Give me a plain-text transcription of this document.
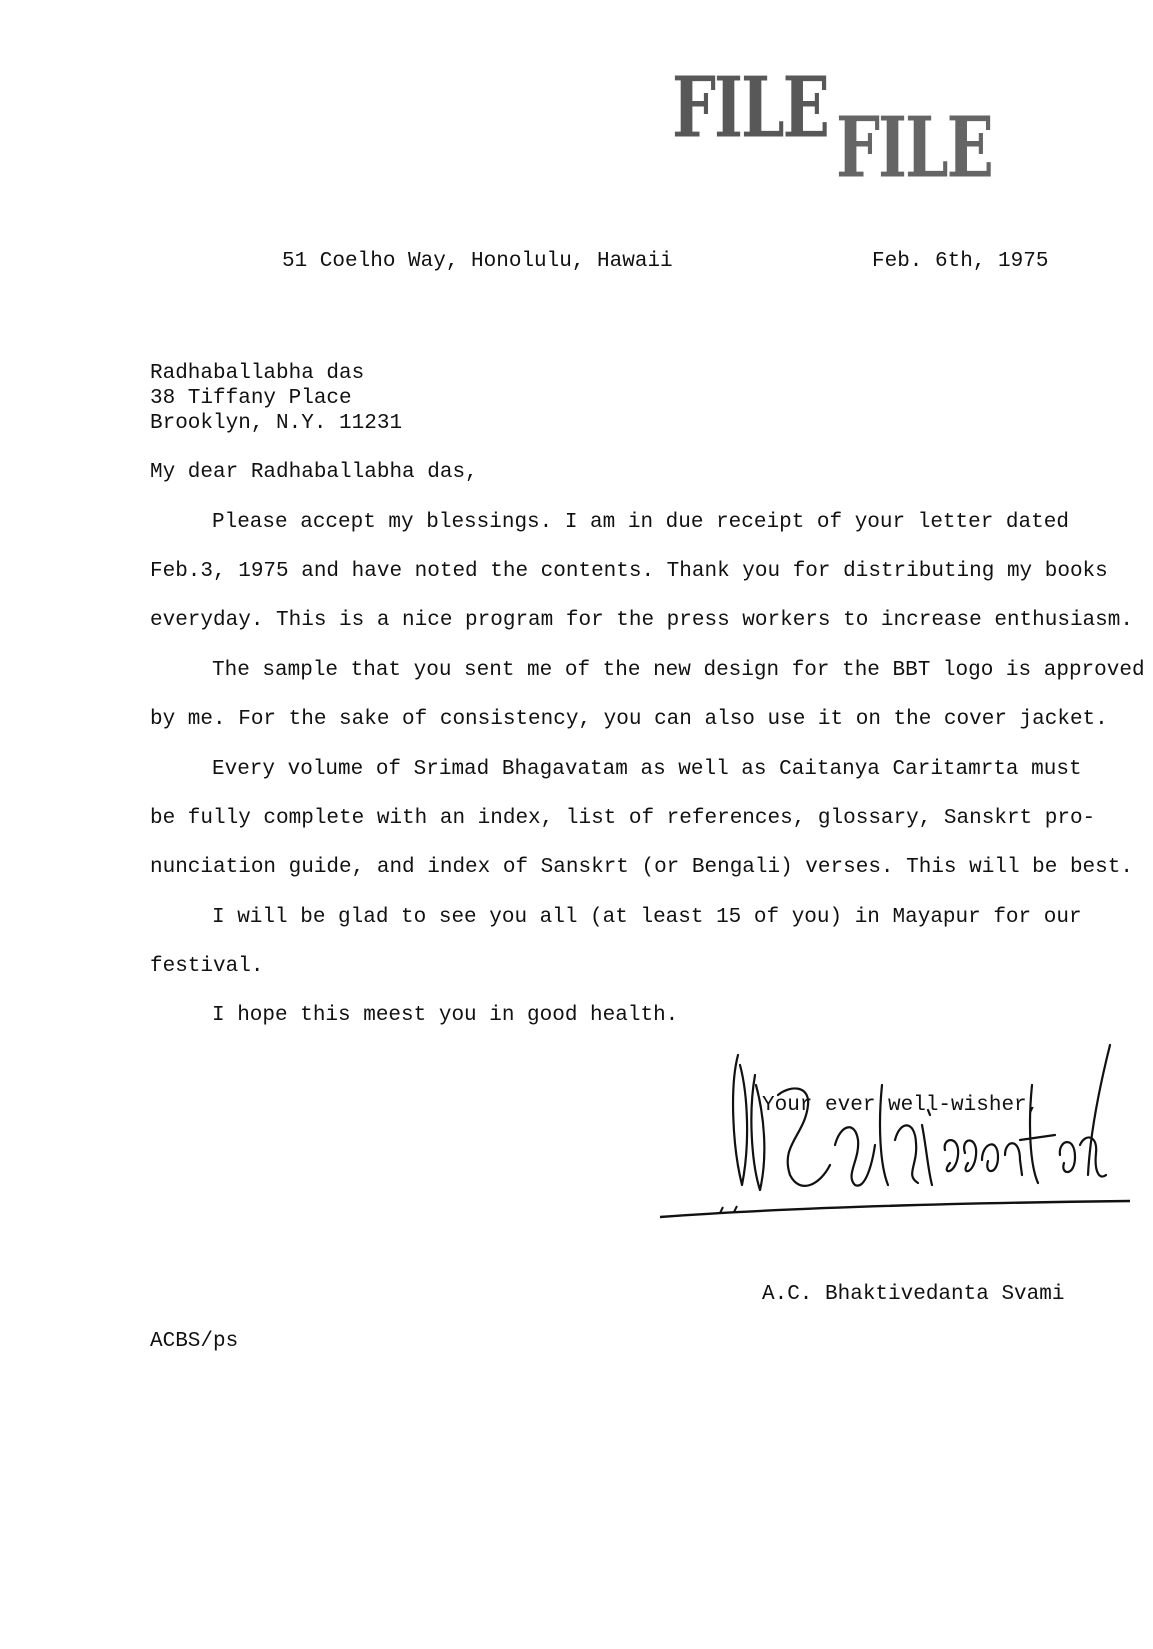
FILE FILE
51 Coelho Way, Honolulu, Hawaii	Feb. 6th, 1975
Radhaballabha das
38 Tiffany Place
Brooklyn, N.Y. 11231
My dear Radhaballabha das,
Please accept my blessings. I am in due receipt of your letter dated
Feb.3, 1975 and have noted the contents. Thank you for distributing my books
everyday. This is a nice program for the press workers to increase enthusiasm.
The sample that you sent me of the new design for the BBT logo is approved
by me. For the sake of consistency, you can also use it on the cover jacket.
Every volume of Srimad Bhagavatam as well as Caitanya Caritamrta must
be fully complete with an index, list of references, glossary, Sanskrt pro-
nunciation guide, and index of Sanskrt (or Bengali) verses. This will be best.
I will be glad to see you all (at least 15 of you) in Mayapur for our
festival.
I hope this meest you in good health.
Your ever well-wisher,
A.C. Bhaktivedanta Svami
ACBS/ps
